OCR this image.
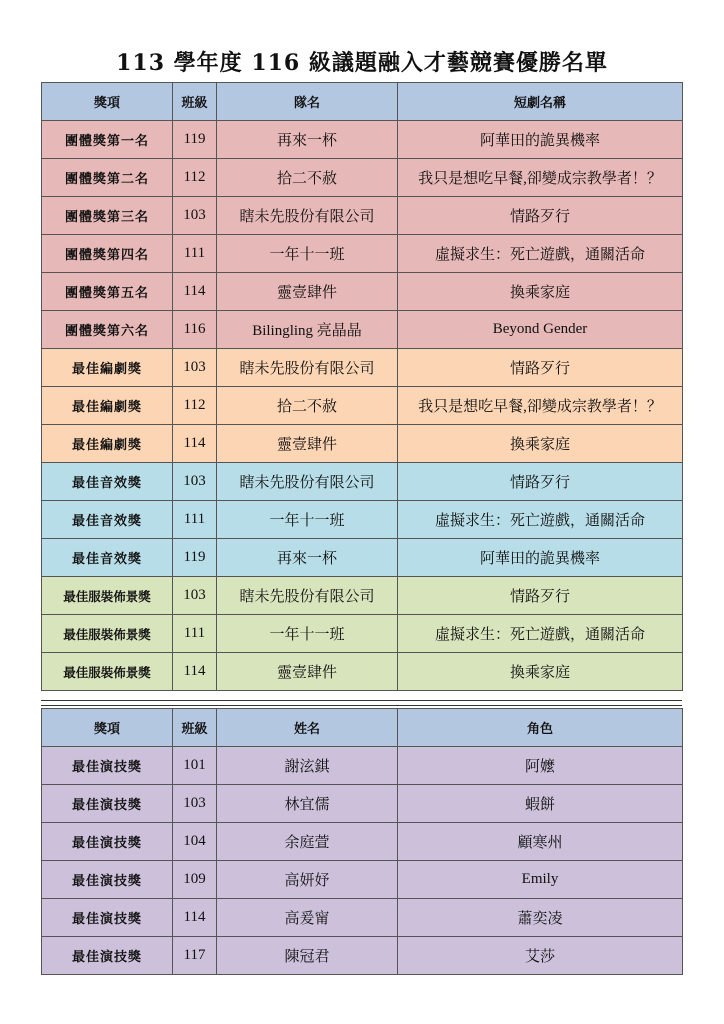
113 學年度 116 級議題融入才藝競賽優勝名單
獎項	班級	隊名	短劇名稱
團體獎第一名	119	再來一杯	阿華田的詭異機率
團體獎第二名	112	拾二不赦	我只是想吃早餐,卻變成宗教學者！？
團體獎第三名	103	瞎未先股份有限公司	情路歹行
團體獎第四名	111	一年十一班	虛擬求生：死亡遊戲，通關活命
團體獎第五名	114	靈壹肆件	換乘家庭
團體獎第六名	116	Bilingling 亮晶晶	Beyond Gender
最佳編劇獎	103	瞎未先股份有限公司	情路歹行
最佳編劇獎	112	拾二不赦	我只是想吃早餐,卻變成宗教學者！？
最佳編劇獎	114	靈壹肆件	換乘家庭
最佳音效獎	103	瞎未先股份有限公司	情路歹行
最佳音效獎	111	一年十一班	虛擬求生：死亡遊戲，通關活命
最佳音效獎	119	再來一杯	阿華田的詭異機率
最佳服裝佈景獎	103	瞎未先股份有限公司	情路歹行
最佳服裝佈景獎	111	一年十一班	虛擬求生：死亡遊戲，通關活命
最佳服裝佈景獎	114	靈壹肆件	換乘家庭
獎項	班級	姓名	角色
最佳演技獎	101	謝泫錤	阿嬤
最佳演技獎	103	林宜儒	蝦餅
最佳演技獎	104	余庭萱	顧寒州
最佳演技獎	109	高妍妤	Emily
最佳演技獎	114	高爰甯	蕭奕凌
最佳演技獎	117	陳冠君	艾莎
